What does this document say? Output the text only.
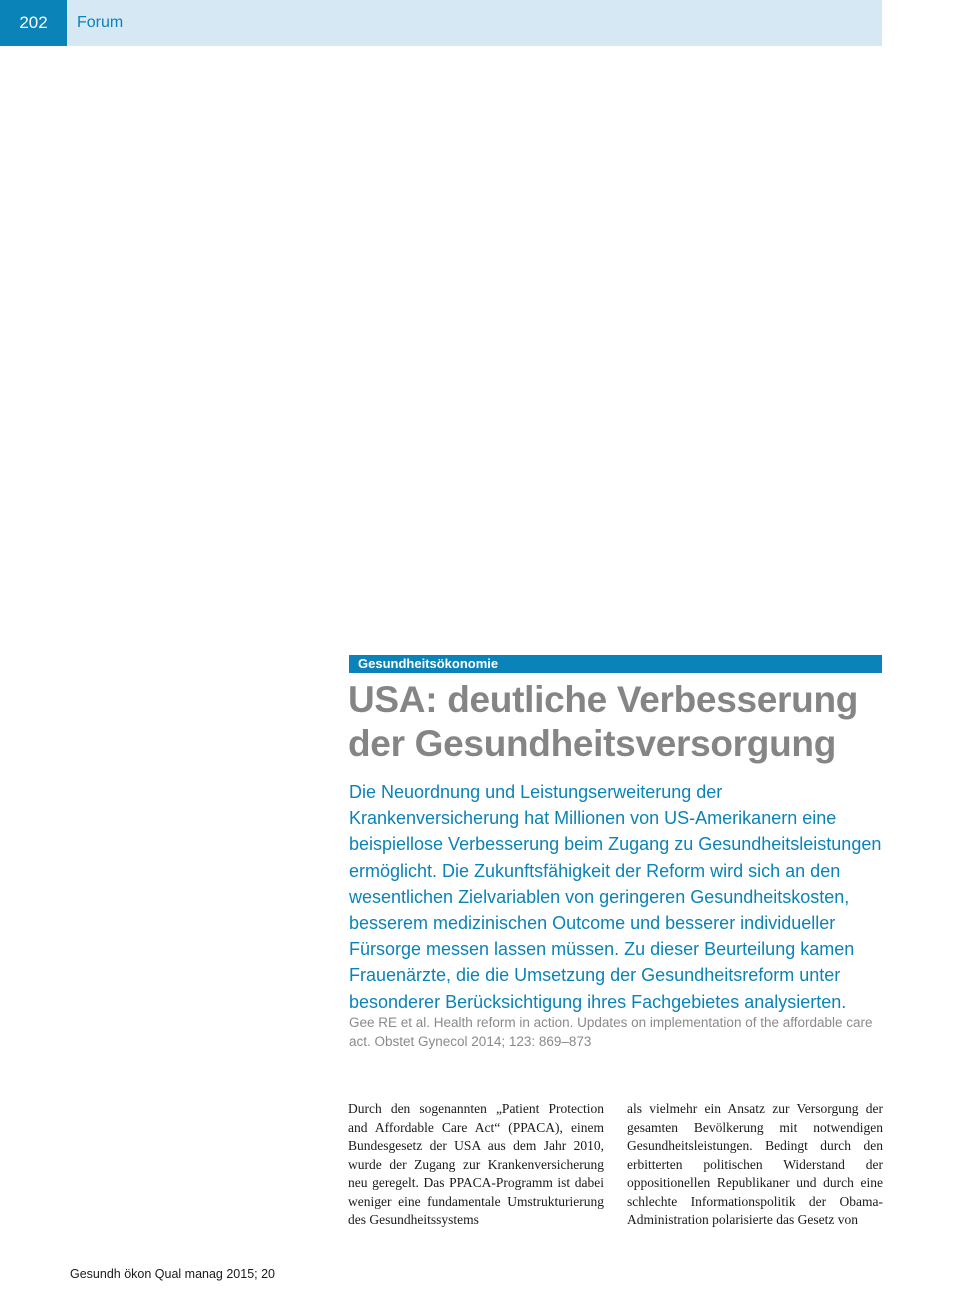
202	Forum
Gesundheitsökonomie
USA: deutliche Verbesserung der Gesundheitsversorgung

Die Neuordnung und Leistungserweiterung der Krankenversicherung hat Millionen von US-Amerikanern eine beispiellose Verbesserung beim Zugang zu Gesundheitsleistungen ermöglicht. Die Zukunftsfähigkeit der Reform wird sich an den wesentlichen Zielvariablen von geringeren Gesundheitskosten, besserem medizinischen Outcome und besserer individueller Fürsorge messen lassen müssen. Zu dieser Beurteilung kamen Frauenärzte, die die Umsetzung der Gesundheitsreform unter besonderer Berücksichtigung ihres Fachgebietes analysierten.

Gee RE et al. Health reform in action. Updates on implementation of the affordable care act. Obstet Gynecol 2014; 123: 869–873

Durch den sogenannten „Patient Protection and Affordable Care Act“ (PPACA), einem Bundesgesetz der USA aus dem Jahr 2010, wurde der Zugang zur Krankenversicherung neu geregelt. Das PPACA-Programm ist dabei weniger eine fundamentale Umstrukturierung des Gesundheitssystems

als vielmehr ein Ansatz zur Versorgung der gesamten Bevölkerung mit notwendigen Gesundheitsleistungen. Bedingt durch den erbitterten politischen Widerstand der oppositionellen Republikaner und durch eine schlechte Informationspolitik der Obama-Administration polarisierte das Gesetz von

Gesundh ökon Qual manag 2015; 20
